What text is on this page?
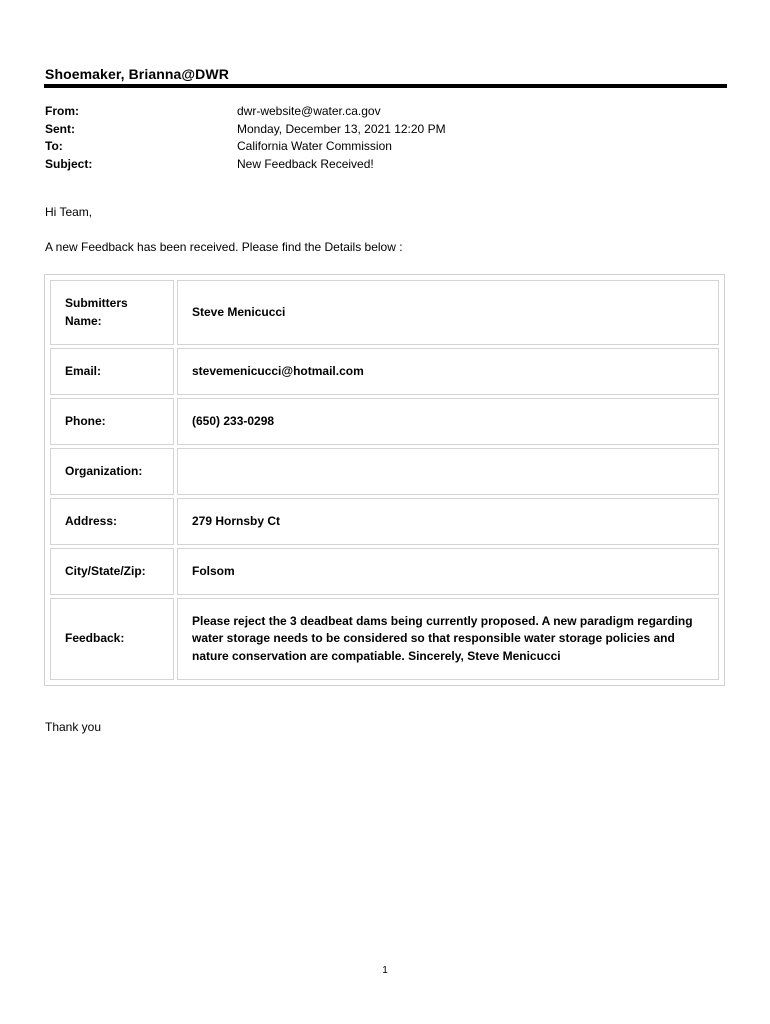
Shoemaker, Brianna@DWR
From:	dwr-website@water.ca.gov
Sent:	Monday, December 13, 2021 12:20 PM
To:	California Water Commission
Subject:	New Feedback Received!
Hi Team,
A new Feedback has been received. Please find the Details below :
Submitters Name:	Steve Menicucci
Email:	stevemenicucci@hotmail.com
Phone:	(650) 233-0298
Organization:	
Address:	279 Hornsby Ct
City/State/Zip:	Folsom
Feedback:	Please reject the 3 deadbeat dams being currently proposed. A new paradigm regarding water storage needs to be considered so that responsible water storage policies and nature conservation are compatiable. Sincerely, Steve Menicucci
Thank you
1
